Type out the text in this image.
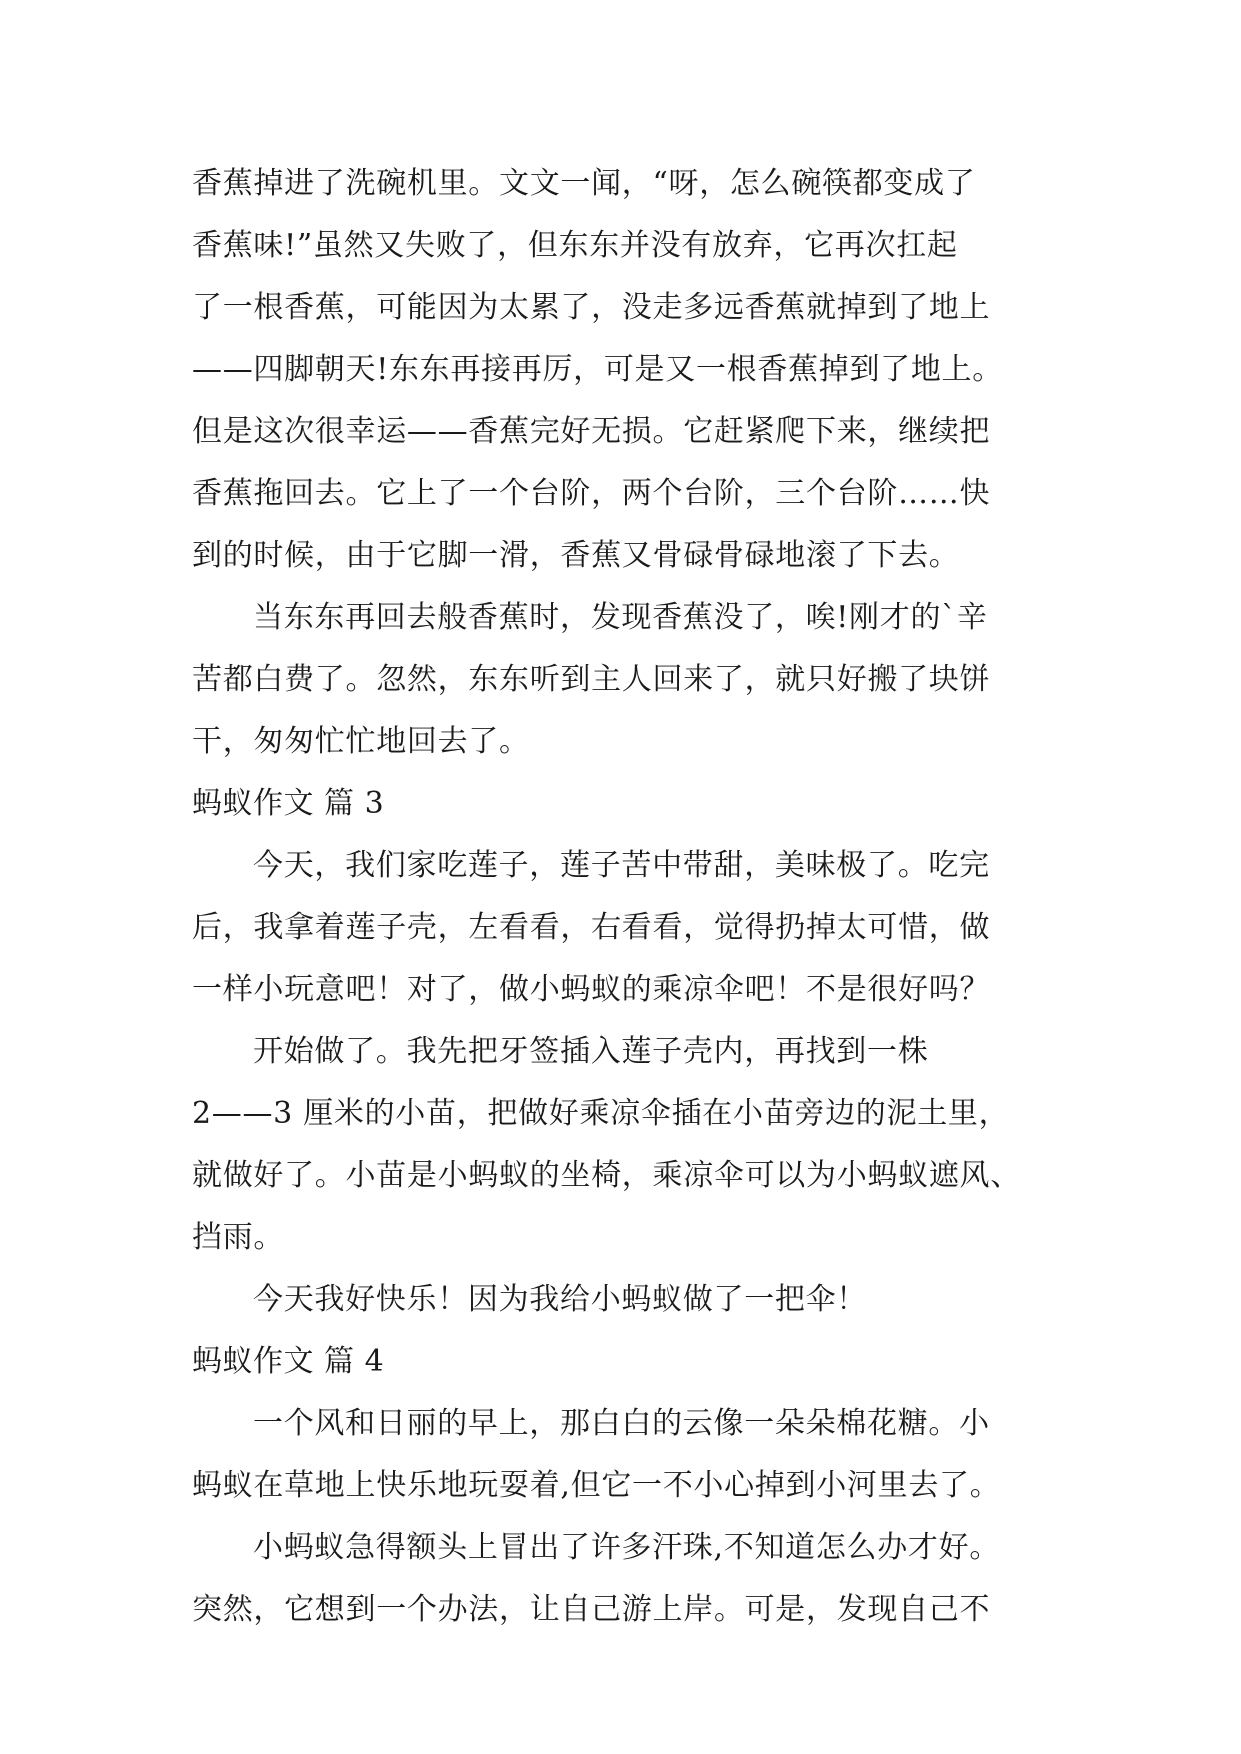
香蕉掉进了洗碗机里。文文一闻，“呀，怎么碗筷都变成了
香蕉味!”虽然又失败了，但东东并没有放弃，它再次扛起
了一根香蕉，可能因为太累了，没走多远香蕉就掉到了地上
——四脚朝天!东东再接再厉，可是又一根香蕉掉到了地上。
但是这次很幸运——香蕉完好无损。它赶紧爬下来，继续把
香蕉拖回去。它上了一个台阶，两个台阶，三个台阶……快
到的时候，由于它脚一滑，香蕉又骨碌骨碌地滚了下去。
当东东再回去般香蕉时，发现香蕉没了，唉!刚才的`辛
苦都白费了。忽然，东东听到主人回来了，就只好搬了块饼
干，匆匆忙忙地回去了。
蚂蚁作文 篇 3
今天，我们家吃莲子，莲子苦中带甜，美味极了。吃完
后，我拿着莲子壳，左看看，右看看，觉得扔掉太可惜，做
一样小玩意吧！对了，做小蚂蚁的乘凉伞吧！不是很好吗？
开始做了。我先把牙签插入莲子壳内，再找到一株
2——3 厘米的小苗，把做好乘凉伞插在小苗旁边的泥土里，
就做好了。小苗是小蚂蚁的坐椅，乘凉伞可以为小蚂蚁遮风、
挡雨。
今天我好快乐！因为我给小蚂蚁做了一把伞！
蚂蚁作文 篇 4
一个风和日丽的早上，那白白的云像一朵朵棉花糖。小
蚂蚁在草地上快乐地玩耍着,但它一不小心掉到小河里去了。
小蚂蚁急得额头上冒出了许多汗珠,不知道怎么办才好。
突然，它想到一个办法，让自己游上岸。可是，发现自己不
